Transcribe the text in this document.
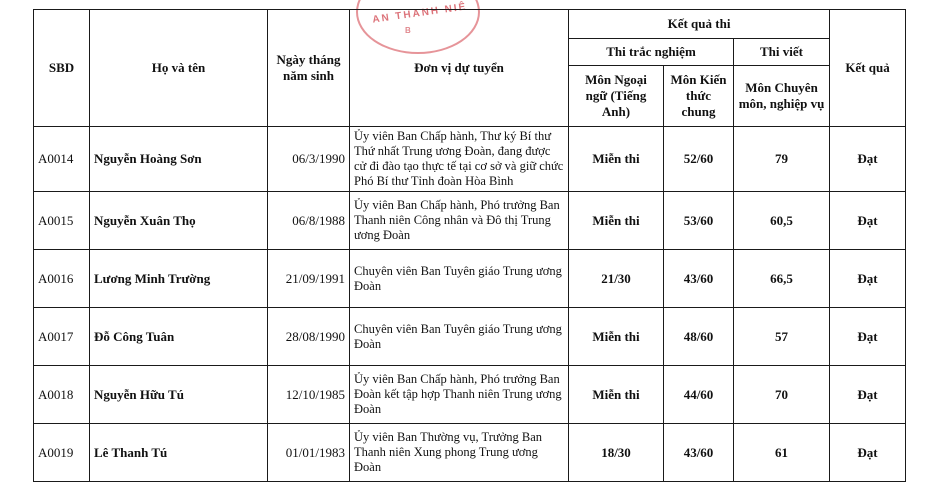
AN THANH NIÊ
B
SBD	Họ và tên	Ngày tháng năm sinh	Đơn vị dự tuyển	Kết quả thi			Kết quả
				Thi trắc nghiệm		Thi viết	
				Môn Ngoại ngữ (Tiếng Anh)	Môn Kiến thức chung	Môn Chuyên môn, nghiệp vụ	
A0014	Nguyễn Hoàng Sơn	06/3/1990	Ủy viên Ban Chấp hành, Thư ký Bí thư Thứ nhất Trung ương Đoàn, đang được cử đi đào tạo thực tế tại cơ sở và giữ chức Phó Bí thư Tỉnh đoàn Hòa Bình	Miễn thi	52/60	79	Đạt
A0015	Nguyễn Xuân Thọ	06/8/1988	Ủy viên Ban Chấp hành, Phó trưởng Ban Thanh niên Công nhân và Đô thị Trung ương Đoàn	Miễn thi	53/60	60,5	Đạt
A0016	Lương Minh Trường	21/09/1991	Chuyên viên Ban Tuyên giáo Trung ương Đoàn	21/30	43/60	66,5	Đạt
A0017	Đỗ Công Tuân	28/08/1990	Chuyên viên Ban Tuyên giáo Trung ương Đoàn	Miễn thi	48/60	57	Đạt
A0018	Nguyễn Hữu Tú	12/10/1985	Ủy viên Ban Chấp hành, Phó trưởng Ban Đoàn kết tập hợp Thanh niên Trung ương Đoàn	Miễn thi	44/60	70	Đạt
A0019	Lê Thanh Tú	01/01/1983	Ủy viên Ban Thường vụ, Trưởng Ban Thanh niên Xung phong Trung ương Đoàn	18/30	43/60	61	Đạt
